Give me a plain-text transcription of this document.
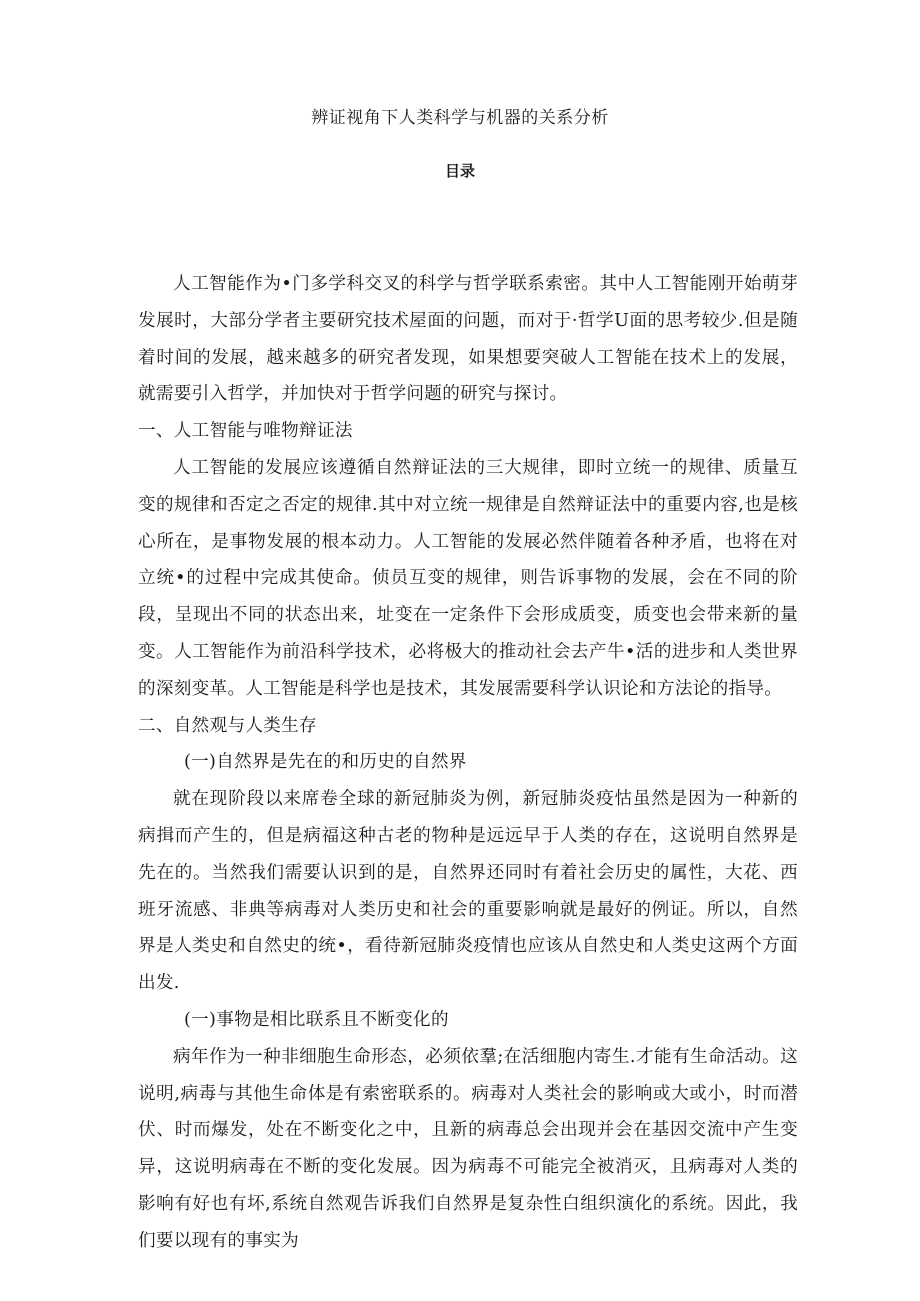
辨证视角下人类科学与机器的关系分析
目录

人工智能作为•门多学科交叉的科学与哲学联系索密。其中人工智能刚开始萌芽发展时，大部分学者主要研究技术屋面的问题，而对于·哲学U面的思考较少.但是随着时间的发展，越来越多的研究者发现，如果想要突破人工智能在技术上的发展，就需要引入哲学，并加快对于哲学问题的研究与探讨。

一、人工智能与唯物辩证法

人工智能的发展应该遵循自然辩证法的三大规律，即时立统一的规律、质量互变的规律和否定之否定的规律.其中对立统一规律是自然辩证法中的重要内容,也是核心所在，是事物发展的根本动力。人工智能的发展必然伴随着各种矛盾，也将在对立统•的过程中完成其使命。侦员互变的规律，则告诉事物的发展，会在不同的阶段，呈现出不同的状态出来，址变在一定条件下会形成质变，质变也会带来新的量变。人工智能作为前沿科学技术，必将极大的推动社会去产牛•活的进步和人类世界的深刻变革。人工智能是科学也是技术，其发展需要科学认识论和方法论的指导。

二、自然观与人类生存

(一)自然界是先在的和历史的自然界

就在现阶段以来席卷全球的新冠肺炎为例，新冠肺炎疫怙虽然是因为一种新的病揖而产生的，但是病福这种古老的物种是远远早于人类的存在，这说明自然界是先在的。当然我们需要认识到的是，自然界还同时有着社会历史的属性，大花、西班牙流感、非典等病毒对人类历史和社会的重要影响就是最好的例证。所以，自然界是人类史和自然史的统•，看待新冠肺炎疫情也应该从自然史和人类史这两个方面出发.

(一)事物是相比联系且不断变化的

病年作为一种非细胞生命形态，必须依羣;在活细胞内寄生.才能有生命活动。这说明,病毒与其他生命体是有索密联系的。病毒对人类社会的影响或大或小，时而潜伏、时而爆发，处在不断变化之中，且新的病毒总会出现并会在基因交流中产生变异，这说明病毒在不断的变化发展。因为病毒不可能完全被消灭，且病毒对人类的影响有好也有坏,系统自然观告诉我们自然界是复杂性白组织演化的系统。因此，我们要以现有的事实为
